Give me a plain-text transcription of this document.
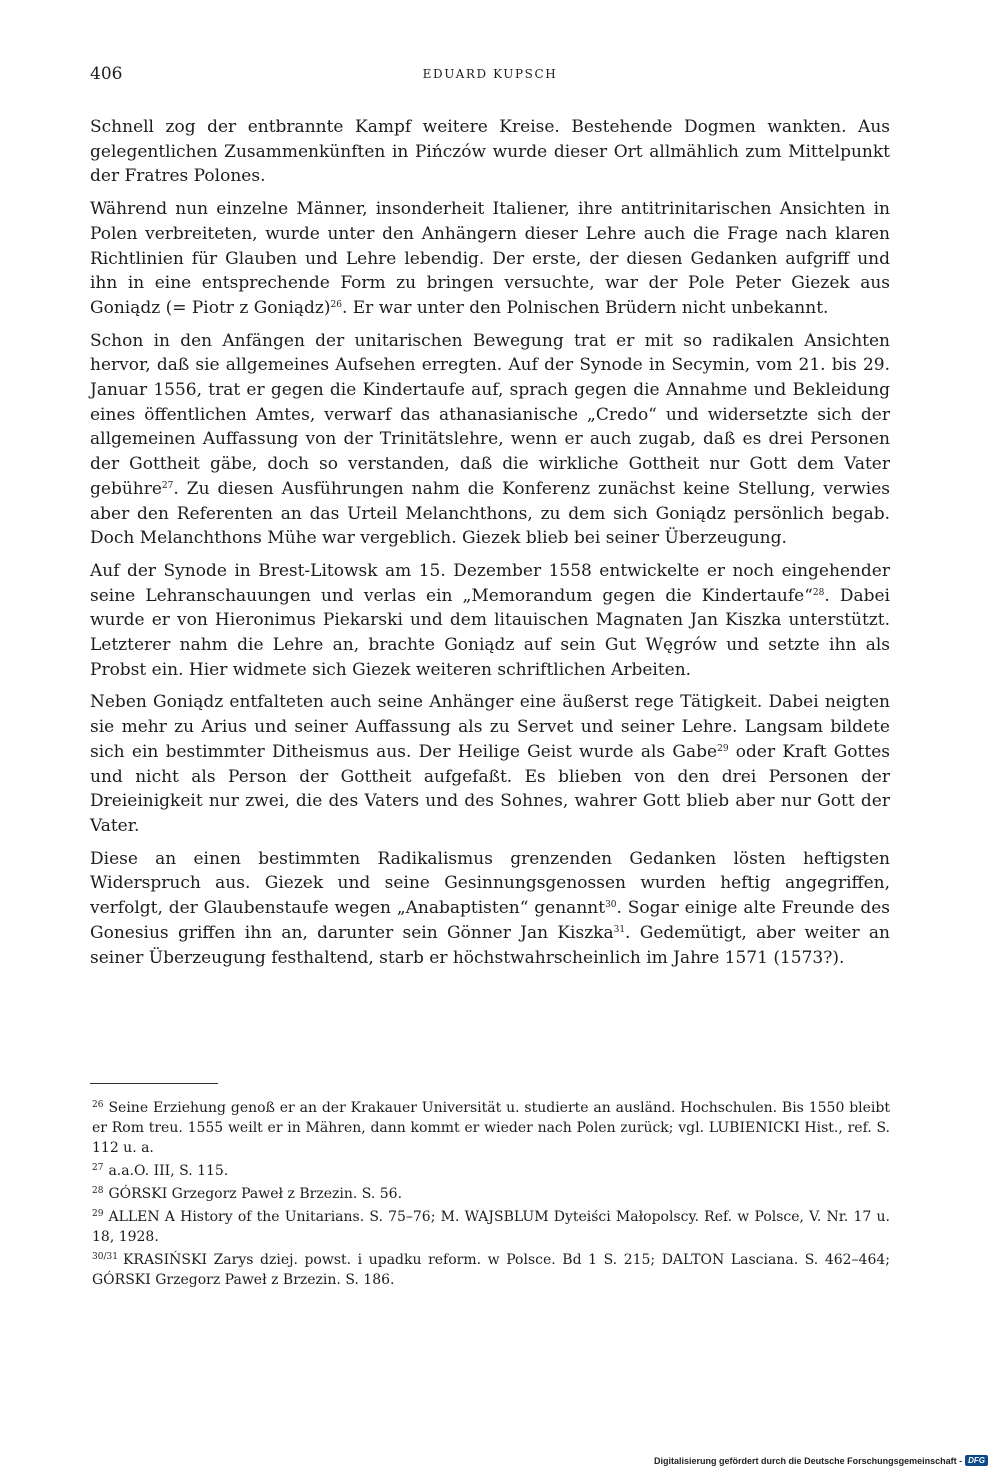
406	EDUARD KUPSCH

Schnell zog der entbrannte Kampf weitere Kreise. Bestehende Dogmen wankten. Aus gelegentlichen Zusammenkünften in Pińczów wurde dieser Ort allmählich zum Mittelpunkt der Fratres Polones.

Während nun einzelne Männer, insonderheit Italiener, ihre antitrinitarischen Ansichten in Polen verbreiteten, wurde unter den Anhängern dieser Lehre auch die Frage nach klaren Richtlinien für Glauben und Lehre lebendig. Der erste, der diesen Gedanken aufgriff und ihn in eine entsprechende Form zu bringen versuchte, war der Pole Peter Giezek aus Goniądz (= Piotr z Goniądz)$^{26}$. Er war unter den Polnischen Brüdern nicht unbekannt.

Schon in den Anfängen der unitarischen Bewegung trat er mit so radikalen Ansichten hervor, daß sie allgemeines Aufsehen erregten. Auf der Synode in Secymin, vom 21. bis 29. Januar 1556, trat er gegen die Kindertaufe auf, sprach gegen die Annahme und Bekleidung eines öffentlichen Amtes, verwarf das athanasianische „Credo“ und widersetzte sich der allgemeinen Auffassung von der Trinitätslehre, wenn er auch zugab, daß es drei Personen der Gottheit gäbe, doch so verstanden, daß die wirkliche Gottheit nur Gott dem Vater gebühre$^{27}$. Zu diesen Ausführungen nahm die Konferenz zunächst keine Stellung, verwies aber den Referenten an das Urteil Melanchthons, zu dem sich Goniądz persönlich begab. Doch Melanchthons Mühe war vergeblich. Giezek blieb bei seiner Überzeugung.

Auf der Synode in Brest-Litowsk am 15. Dezember 1558 entwickelte er noch eingehender seine Lehranschauungen und verlas ein „Memorandum gegen die Kindertaufe“$^{28}$. Dabei wurde er von Hieronimus Piekarski und dem litauischen Magnaten Jan Kiszka unterstützt. Letzterer nahm die Lehre an, brachte Goniądz auf sein Gut Węgrów und setzte ihn als Probst ein. Hier widmete sich Giezek weiteren schriftlichen Arbeiten.

Neben Goniądz entfalteten auch seine Anhänger eine äußerst rege Tätigkeit. Dabei neigten sie mehr zu Arius und seiner Auffassung als zu Servet und seiner Lehre. Langsam bildete sich ein bestimmter Ditheismus aus. Der Heilige Geist wurde als Gabe$^{29}$ oder Kraft Gottes und nicht als Person der Gottheit aufgefaßt. Es blieben von den drei Personen der Dreieinigkeit nur zwei, die des Vaters und des Sohnes, wahrer Gott blieb aber nur Gott der Vater.

Diese an einen bestimmten Radikalismus grenzenden Gedanken lösten heftigsten Widerspruch aus. Giezek und seine Gesinnungsgenossen wurden heftig angegriffen, verfolgt, der Glaubenstaufe wegen „Anabaptisten“ genannt$^{30}$. Sogar einige alte Freunde des Gonesius griffen ihn an, darunter sein Gönner Jan Kiszka$^{31}$. Gedemütigt, aber weiter an seiner Überzeugung festhaltend, starb er höchstwahrscheinlich im Jahre 1571 (1573?).

$^{26}$ Seine Erziehung genoß er an der Krakauer Universität u. studierte an ausländ. Hochschulen. Bis 1550 bleibt er Rom treu. 1555 weilt er in Mähren, dann kommt er wieder nach Polen zurück; vgl. LUBIENICKI Hist., ref. S. 112 u. a.

$^{27}$ a.a.O. III, S. 115.

$^{28}$ GÓRSKI Grzegorz Paweł z Brzezin. S. 56.

$^{29}$ ALLEN A History of the Unitarians. S. 75–76; M. WAJSBLUM Dyteiści Małopolscy. Ref. w Polsce, V. Nr. 17 u. 18, 1928.

$^{30/31}$ KRASIŃSKI Zarys dziej. powst. i upadku reform. w Polsce. Bd 1 S. 215; DALTON Lasciana. S. 462–464; GÓRSKI Grzegorz Paweł z Brzezin. S. 186.

Digitalisierung gefördert durch die Deutsche Forschungsgemeinschaft - DFG
